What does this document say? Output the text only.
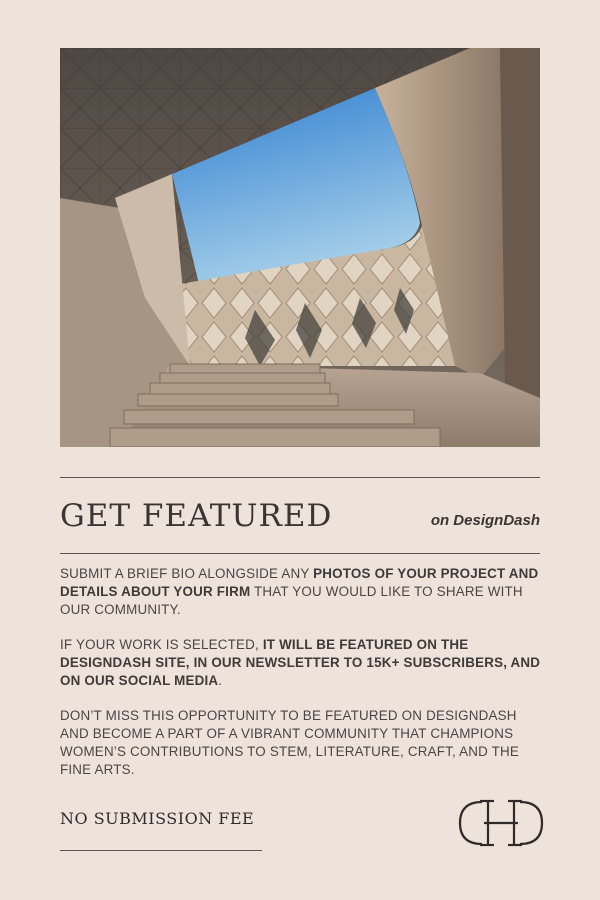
GET FEATURED	on DesignDash

SUBMIT A BRIEF BIO ALONGSIDE ANY PHOTOS OF YOUR PROJECT AND DETAILS ABOUT YOUR FIRM THAT YOU WOULD LIKE TO SHARE WITH OUR COMMUNITY.

IF YOUR WORK IS SELECTED, IT WILL BE FEATURED ON THE DESIGNDASH SITE, IN OUR NEWSLETTER TO 15K+ SUBSCRIBERS, AND ON OUR SOCIAL MEDIA.

DON’T MISS THIS OPPORTUNITY TO BE FEATURED ON DESIGNDASH AND BECOME A PART OF A VIBRANT COMMUNITY THAT CHAMPIONS WOMEN’S CONTRIBUTIONS TO STEM, LITERATURE, CRAFT, AND THE FINE ARTS.

NO SUBMISSION FEE
